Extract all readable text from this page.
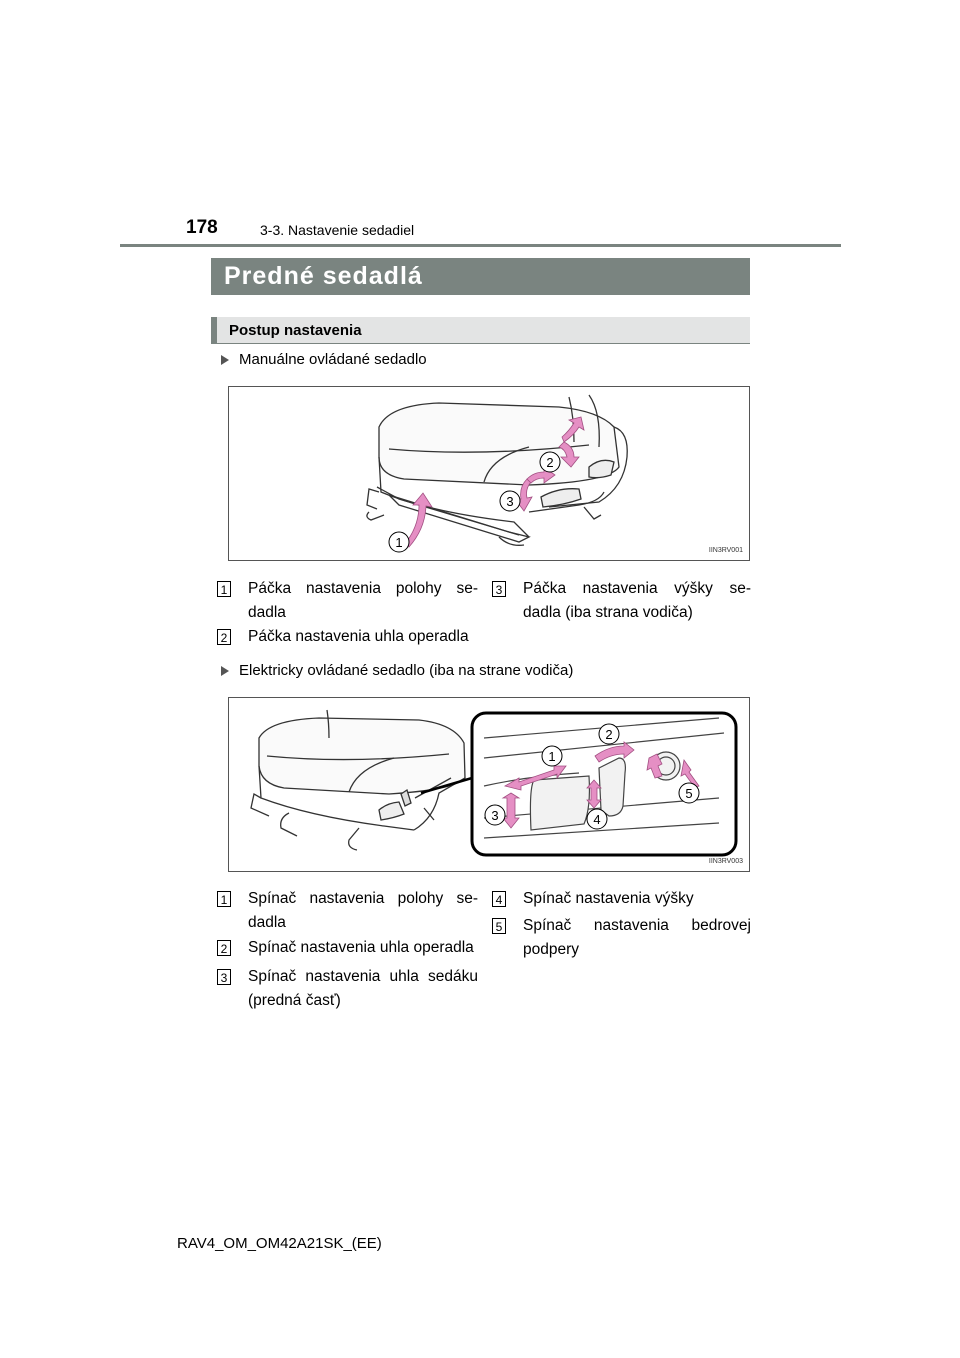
178	3-3. Nastavenie sedadiel
Predné sedadlá
Postup nastavenia
Manuálne ovládané sedadlo
1
2
3
IIN3RV001
1 Páčka nastavenia polohy se-dadla
2 Páčka nastavenia uhla operadla
3 Páčka nastavenia výšky se-dadla (iba strana vodiča)
Elektricky ovládané sedadlo (iba na strane vodiča)
1
2
3	4
5
IIN3RV003
1 Spínač nastavenia polohy se-dadla
2 Spínač nastavenia uhla operadla
3 Spínač nastavenia uhla sedáku (predná časť)
4 Spínač nastavenia výšky
5 Spínač nastavenia bedrovej podpery
RAV4_OM_OM42A21SK_(EE)
